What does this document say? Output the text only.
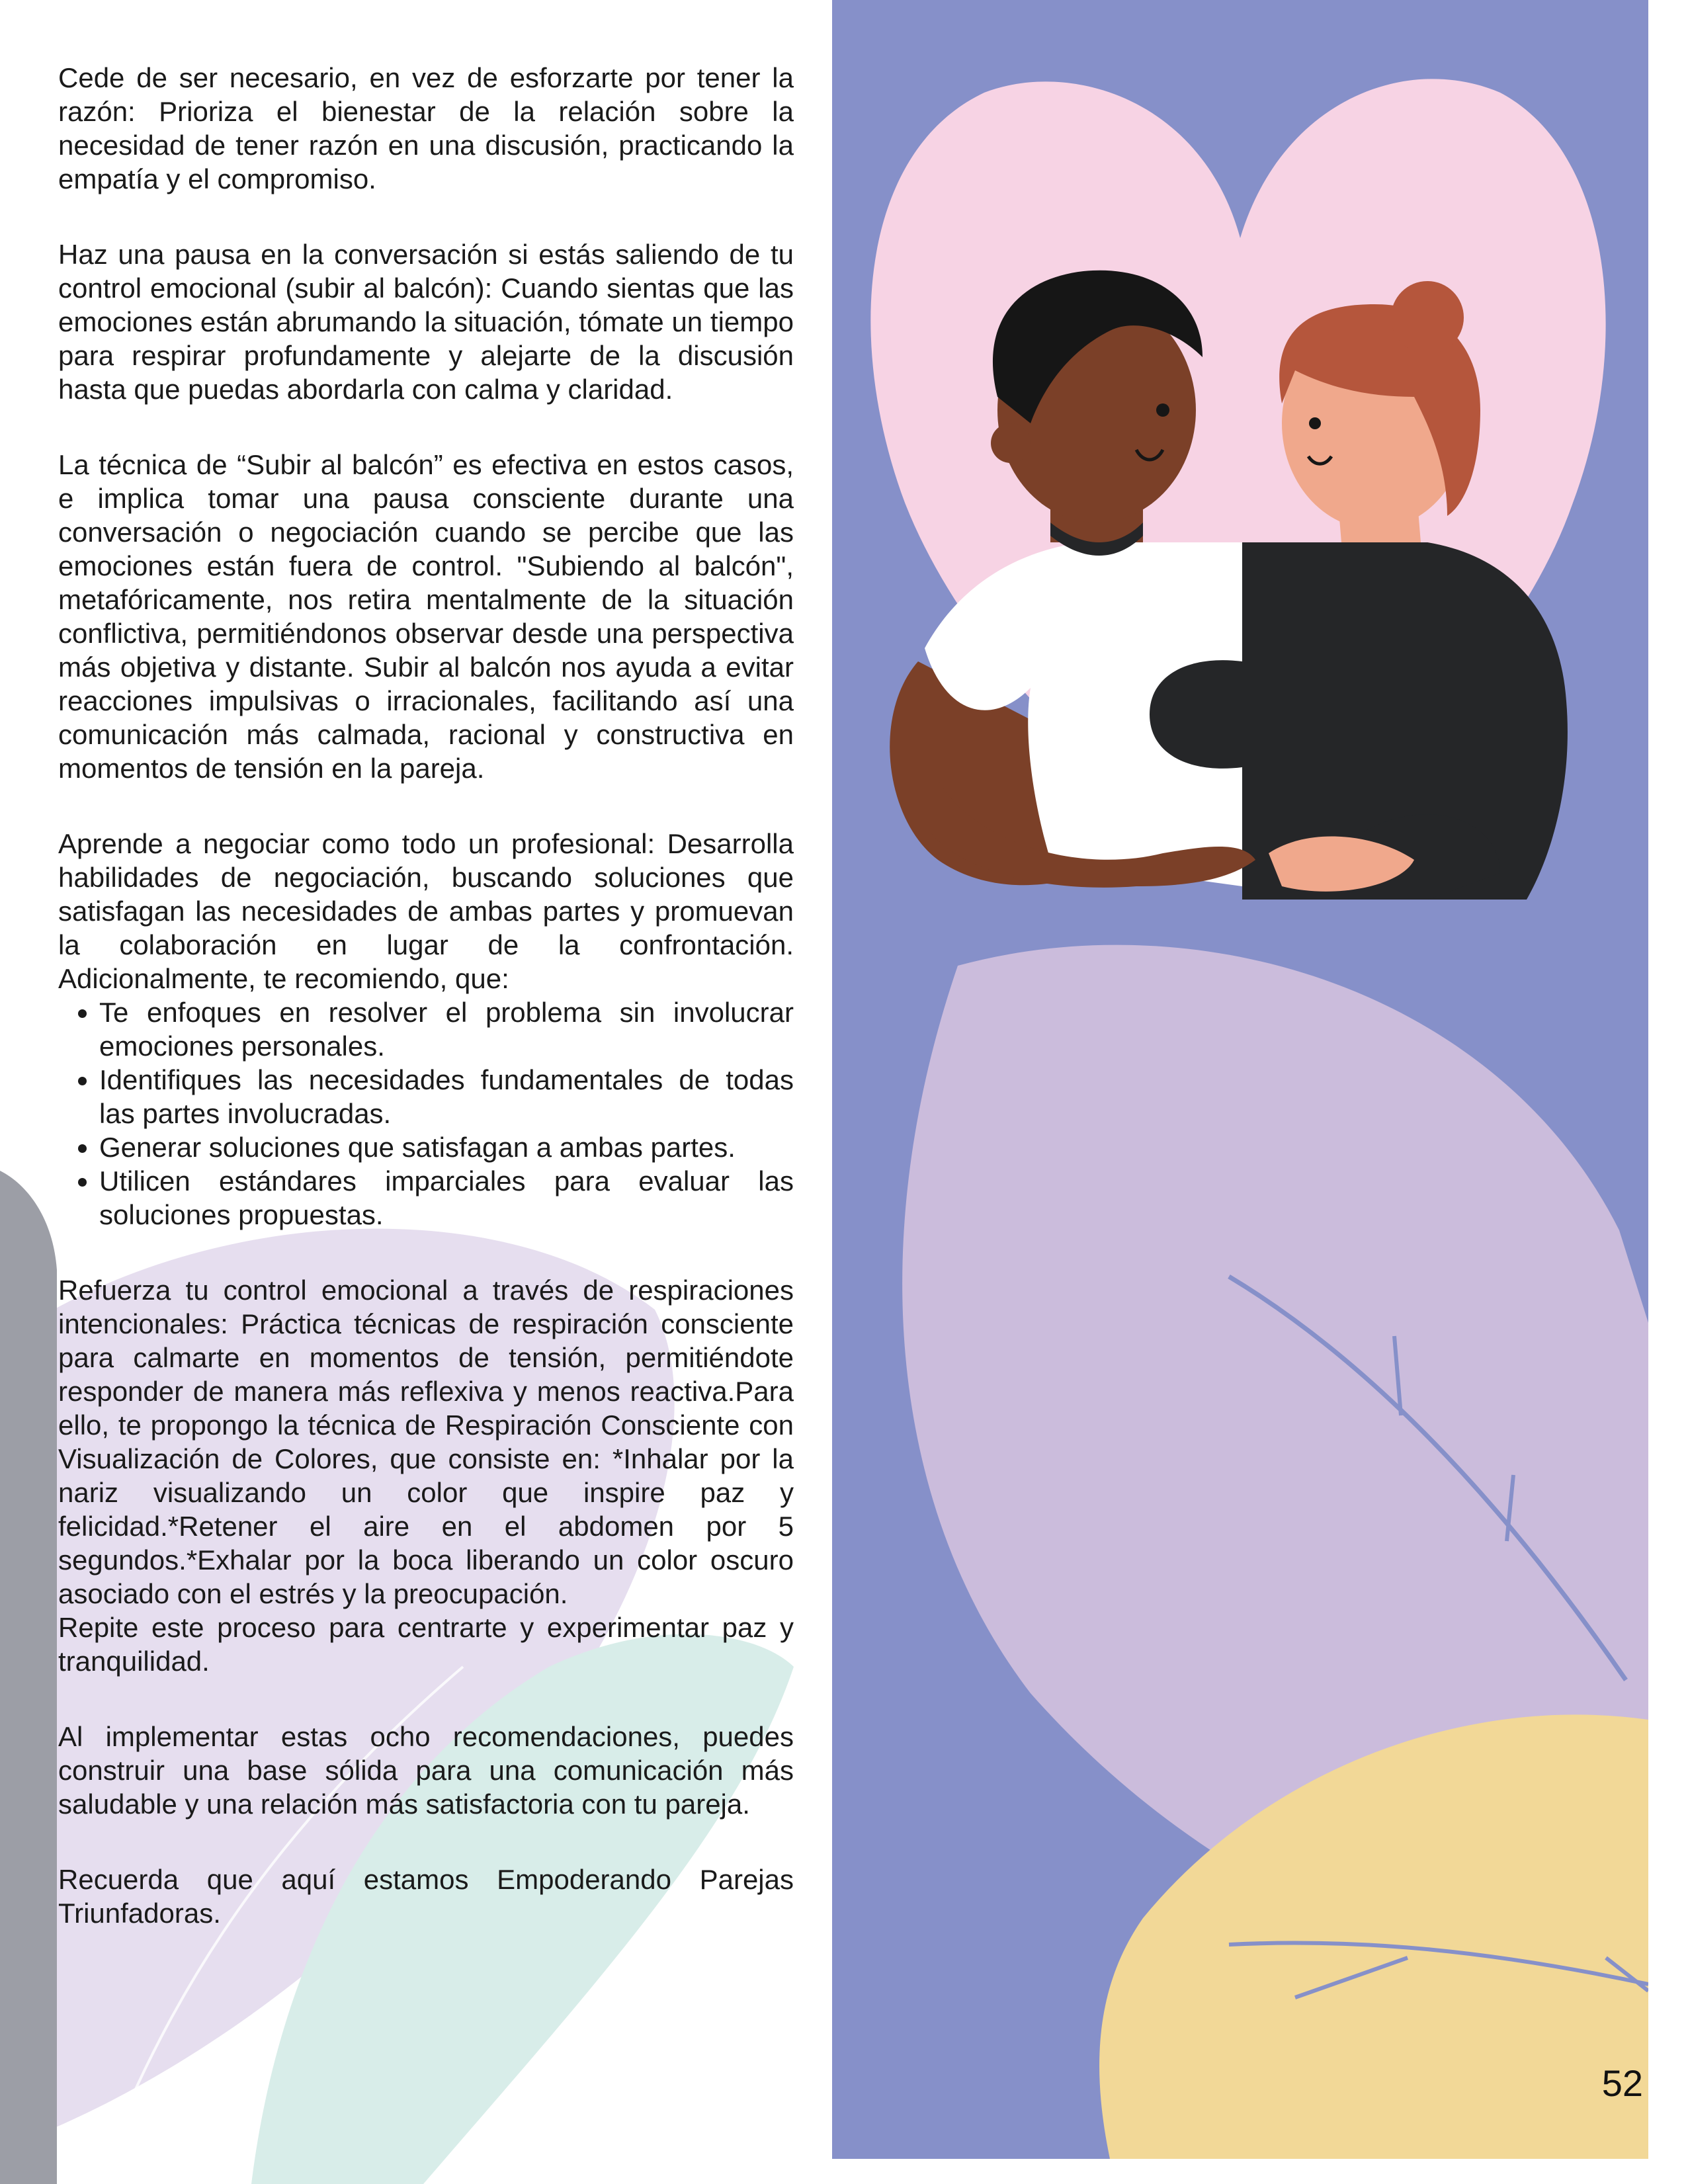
Cede de ser necesario, en vez de esforzarte por tener la razón: Prioriza el bienestar de la relación sobre la necesidad de tener razón en una discusión, practicando la empatía y el compromiso.

Haz una pausa en la conversación si estás saliendo de tu control emocional (subir al balcón): Cuando sientas que las emociones están abrumando la situación, tómate un tiempo para respirar profundamente y alejarte de la discusión hasta que puedas abordarla con calma y claridad.

La técnica de “Subir al balcón” es efectiva en estos casos, e implica tomar una pausa consciente durante una conversación o negociación cuando se percibe que las emociones están fuera de control. "Subiendo al balcón", metafóricamente, nos retira mentalmente de la situación conflictiva, permitiéndonos observar desde una perspectiva más objetiva y distante. Subir al balcón nos ayuda a evitar reacciones impulsivas o irracionales, facilitando así una comunicación más calmada, racional y constructiva en momentos de tensión en la pareja.

Aprende a negociar como todo un profesional: Desarrolla habilidades de negociación, buscando soluciones que satisfagan las necesidades de ambas partes y promuevan la colaboración en lugar de la confrontación. Adicionalmente, te recomiendo, que:

• Te enfoques en resolver el problema sin involucrar emociones personales.
• Identifiques las necesidades fundamentales de todas las partes involucradas.
• Generar soluciones que satisfagan a ambas partes.
• Utilicen estándares imparciales para evaluar las soluciones propuestas.

Refuerza tu control emocional a través de respiraciones intencionales: Práctica técnicas de respiración consciente para calmarte en momentos de tensión, permitiéndote responder de manera más reflexiva y menos reactiva.Para ello, te propongo la técnica de Respiración Consciente con Visualización de Colores, que consiste en: *Inhalar por la nariz visualizando un color que inspire paz y felicidad.*Retener el aire en el abdomen por 5 segundos.*Exhalar por la boca liberando un color oscuro asociado con el estrés y la preocupación.

Repite este proceso para centrarte y experimentar paz y tranquilidad.

Al implementar estas ocho recomendaciones, puedes construir una base sólida para una comunicación más saludable y una relación más satisfactoria con tu pareja.

Recuerda que aquí estamos Empoderando Parejas Triunfadoras.

52
